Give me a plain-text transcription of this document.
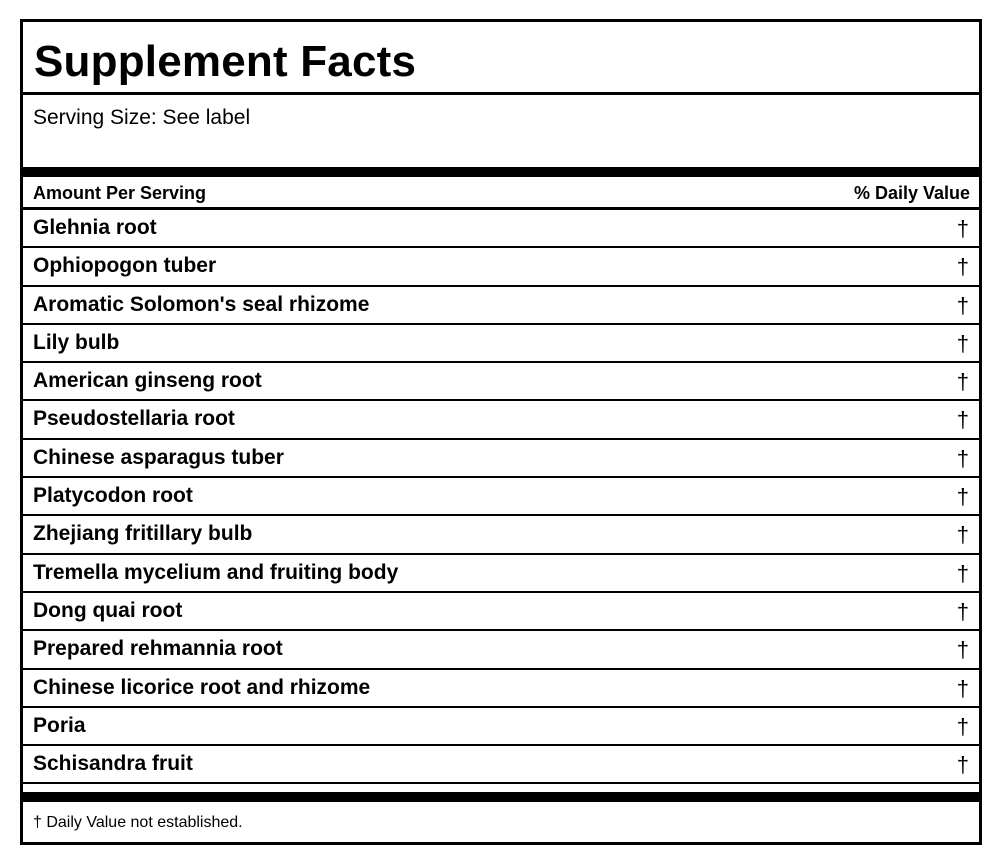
Supplement Facts
Serving Size: See label
Amount Per Serving	% Daily Value
Glehnia root	†
Ophiopogon tuber	†
Aromatic Solomon's seal rhizome	†
Lily bulb	†
American ginseng root	†
Pseudostellaria root	†
Chinese asparagus tuber	†
Platycodon root	†
Zhejiang fritillary bulb	†
Tremella mycelium and fruiting body	†
Dong quai root	†
Prepared rehmannia root	†
Chinese licorice root and rhizome	†
Poria	†
Schisandra fruit	†
† Daily Value not established.
